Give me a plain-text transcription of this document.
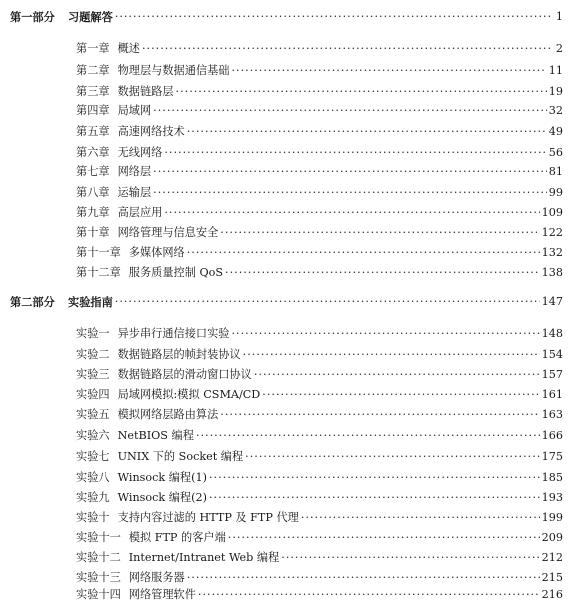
第一部分	习题解答 ·····	1
第一章 概述 ·····	2
第二章 物理层与数据通信基础 ·····	11
第三章 数据链路层 ·····	19
第四章 局域网 ·····	32
第五章 高速网络技术 ·····	49
第六章 无线网络 ·····	56
第七章 网络层 ·····	81
第八章 运输层 ·····	99
第九章 高层应用 ·····	109
第十章 网络管理与信息安全 ·····	122
第十一章 多媒体网络 ·····	132
第十二章 服务质量控制 QoS ·····	138
第二部分	实验指南 ·····	147
实验一 异步串行通信接口实验 ·····	148
实验二 数据链路层的帧封装协议 ·····	154
实验三 数据链路层的滑动窗口协议 ·····	157
实验四 局域网模拟:模拟 CSMA/CD ·····	161
实验五 模拟网络层路由算法 ·····	163
实验六 NetBIOS 编程 ·····	166
实验七 UNIX 下的 Socket 编程 ·····	175
实验八 Winsock 编程(1) ·····	185
实验九 Winsock 编程(2) ·····	193
实验十 支持内容过滤的 HTTP 及 FTP 代理 ·····	199
实验十一 模拟 FTP 的客户端 ·····	209
实验十二 Internet/Intranet Web 编程 ·····	212
实验十三 网络服务器 ·····	215
实验十四 网络管理软件 ·····	216
